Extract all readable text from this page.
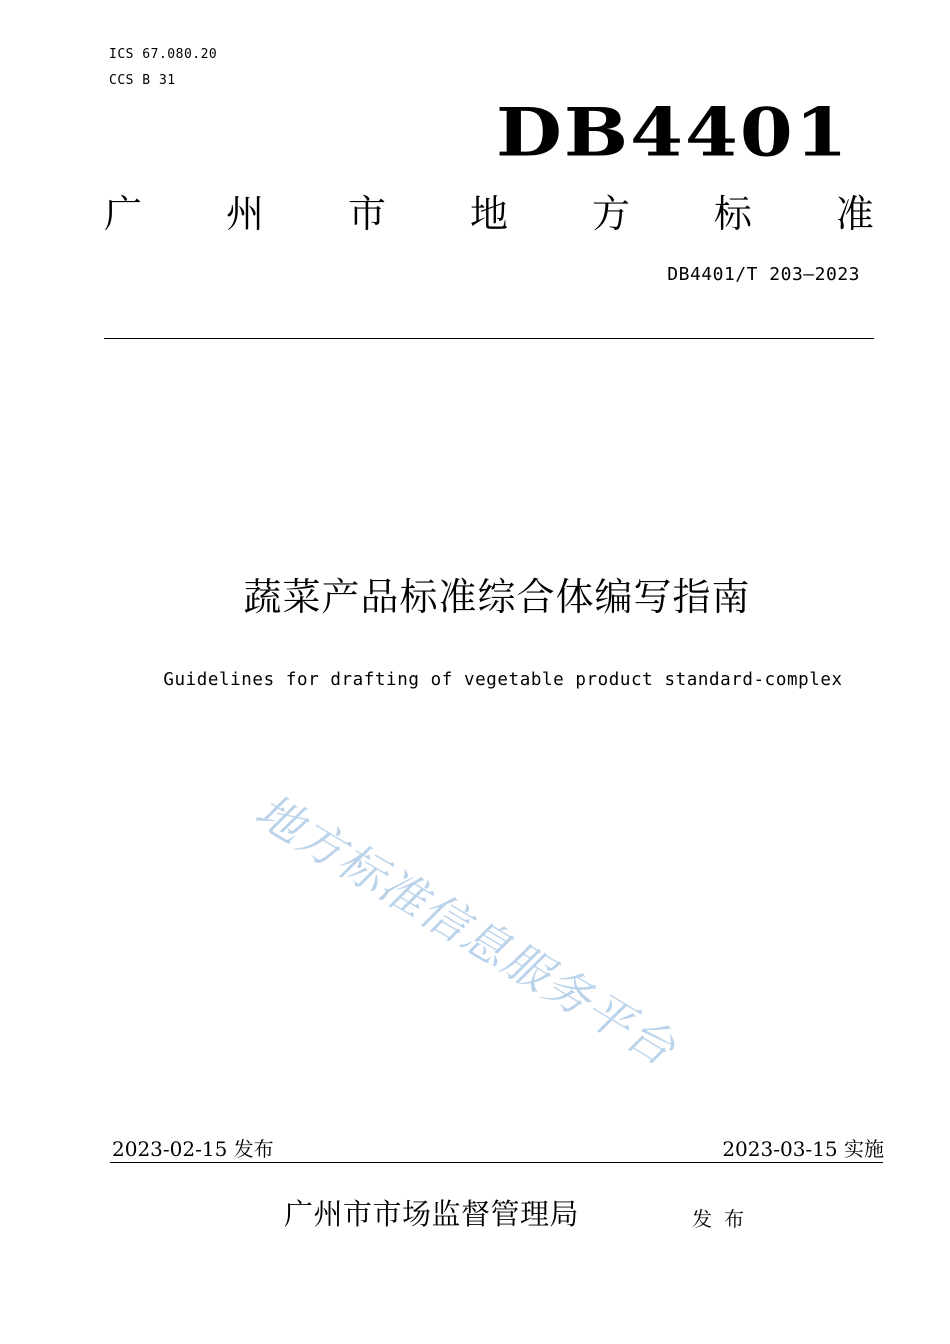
ICS 67.080.20
CCS B 31
DB4401
广 州 市 地 方 标 准
DB4401/T 203—2023
蔬菜产品标准综合体编写指南
Guidelines for drafting of vegetable product standard-complex
地方标准信息服务平台
2023-02-15 发布	2023-03-15 实施
广州市市场监督管理局	发布
